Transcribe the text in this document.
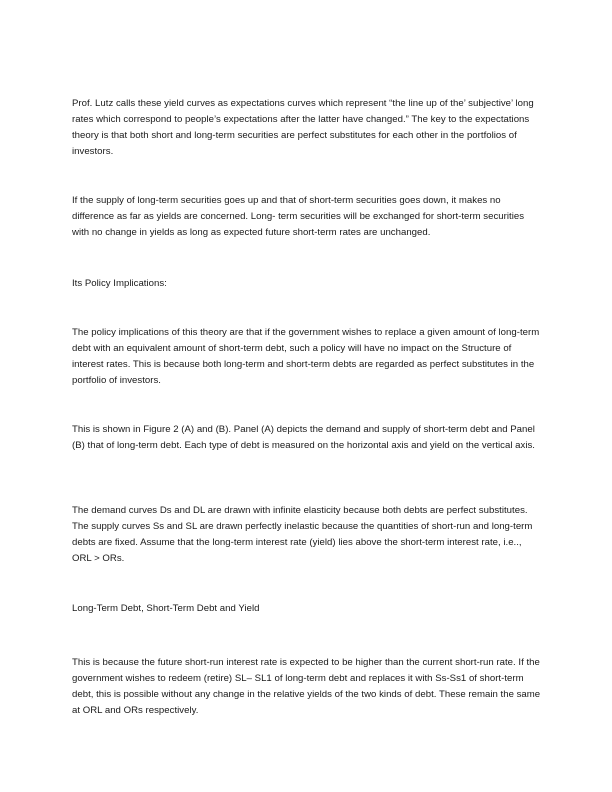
Prof. Lutz calls these yield curves as expectations curves which represent “the line up of the’ subjective’ long rates which correspond to people’s expectations after the latter have changed.” The key to the expectations theory is that both short and long-term securities are perfect substitutes for each other in the portfolios of investors.

If the supply of long-term securities goes up and that of short-term securities goes down, it makes no difference as far as yields are concerned. Long- term securities will be exchanged for short-term securities with no change in yields as long as expected future short-term rates are unchanged.

Its Policy Implications:

The policy implications of this theory are that if the government wishes to replace a given amount of long-term debt with an equivalent amount of short-term debt, such a policy will have no impact on the Structure of interest rates. This is because both long-term and short-term debts are regarded as perfect substitutes in the portfolio of investors.

This is shown in Figure 2 (A) and (B). Panel (A) depicts the demand and supply of short-term debt and Panel (B) that of long-term debt. Each type of debt is measured on the horizontal axis and yield on the vertical axis.

The demand curves Ds and DL are drawn with infinite elasticity because both debts are perfect substitutes. The supply curves Ss and SL are drawn perfectly inelastic because the quantities of short-run and long-term debts are fixed. Assume that the long-term interest rate (yield) lies above the short-term interest rate, i.e.., ORL > ORs.

Long-Term Debt, Short-Term Debt and Yield

This is because the future short-run interest rate is expected to be higher than the current short-run rate. If the government wishes to redeem (retire) SL– SL1 of long-term debt and replaces it with Ss-Ss1 of short-term debt, this is possible without any change in the relative yields of the two kinds of debt. These remain the same at ORL and ORs respectively.
